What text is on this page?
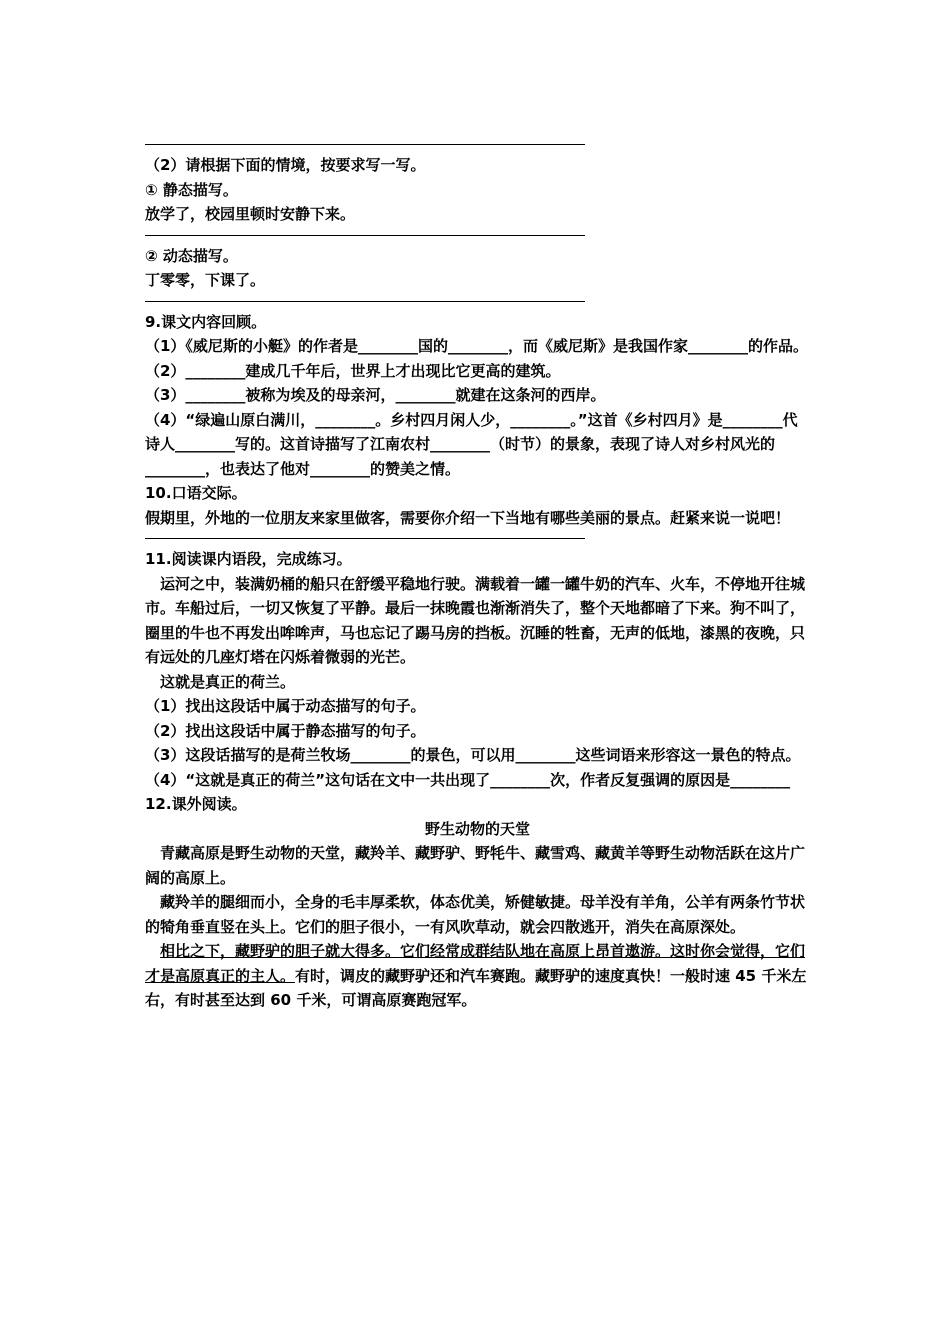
（2）请根据下面的情境，按要求写一写。

① 静态描写。

放学了，校园里顿时安静下来。

② 动态描写。

丁零零，下课了。

9.课文内容回顾。

（1）《威尼斯的小艇》的作者是________国的________，而《威尼斯》是我国作家________的作品。

（2）________建成几千年后，世界上才出现比它更高的建筑。

（3）________被称为埃及的母亲河，________就建在这条河的西岸。

（4）“绿遍山原白满川，________。乡村四月闲人少，________。”这首《乡村四月》是________代诗人________写的。这首诗描写了江南农村________（时节）的景象，表现了诗人对乡村风光的________，也表达了他对________的赞美之情。

10.口语交际。

假期里，外地的一位朋友来家里做客，需要你介绍一下当地有哪些美丽的景点。赶紧来说一说吧！

11.阅读课内语段，完成练习。

运河之中，装满奶桶的船只在舒缓平稳地行驶。满载着一罐一罐牛奶的汽车、火车，不停地开往城市。车船过后，一切又恢复了平静。最后一抹晚霞也渐渐消失了，整个天地都暗了下来。狗不叫了，圈里的牛也不再发出哞哞声，马也忘记了踢马房的挡板。沉睡的牲畜，无声的低地，漆黑的夜晚，只有远处的几座灯塔在闪烁着微弱的光芒。

这就是真正的荷兰。

（1）找出这段话中属于动态描写的句子。

（2）找出这段话中属于静态描写的句子。

（3）这段话描写的是荷兰牧场________的景色，可以用________这些词语来形容这一景色的特点。

（4）“这就是真正的荷兰”这句话在文中一共出现了________次，作者反复强调的原因是________

12.课外阅读。

野生动物的天堂

青藏高原是野生动物的天堂，藏羚羊、藏野驴、野牦牛、藏雪鸡、藏黄羊等野生动物活跃在这片广阔的高原上。

藏羚羊的腿细而小，全身的毛丰厚柔软，体态优美，矫健敏捷。母羊没有羊角，公羊有两条竹节状的犄角垂直竖在头上。它们的胆子很小，一有风吹草动，就会四散逃开，消失在高原深处。

相比之下，藏野驴的胆子就大得多。它们经常成群结队地在高原上昂首遨游。这时你会觉得，它们才是高原真正的主人。有时，调皮的藏野驴还和汽车赛跑。藏野驴的速度真快！一般时速 45 千米左右，有时甚至达到 60 千米，可谓高原赛跑冠军。
